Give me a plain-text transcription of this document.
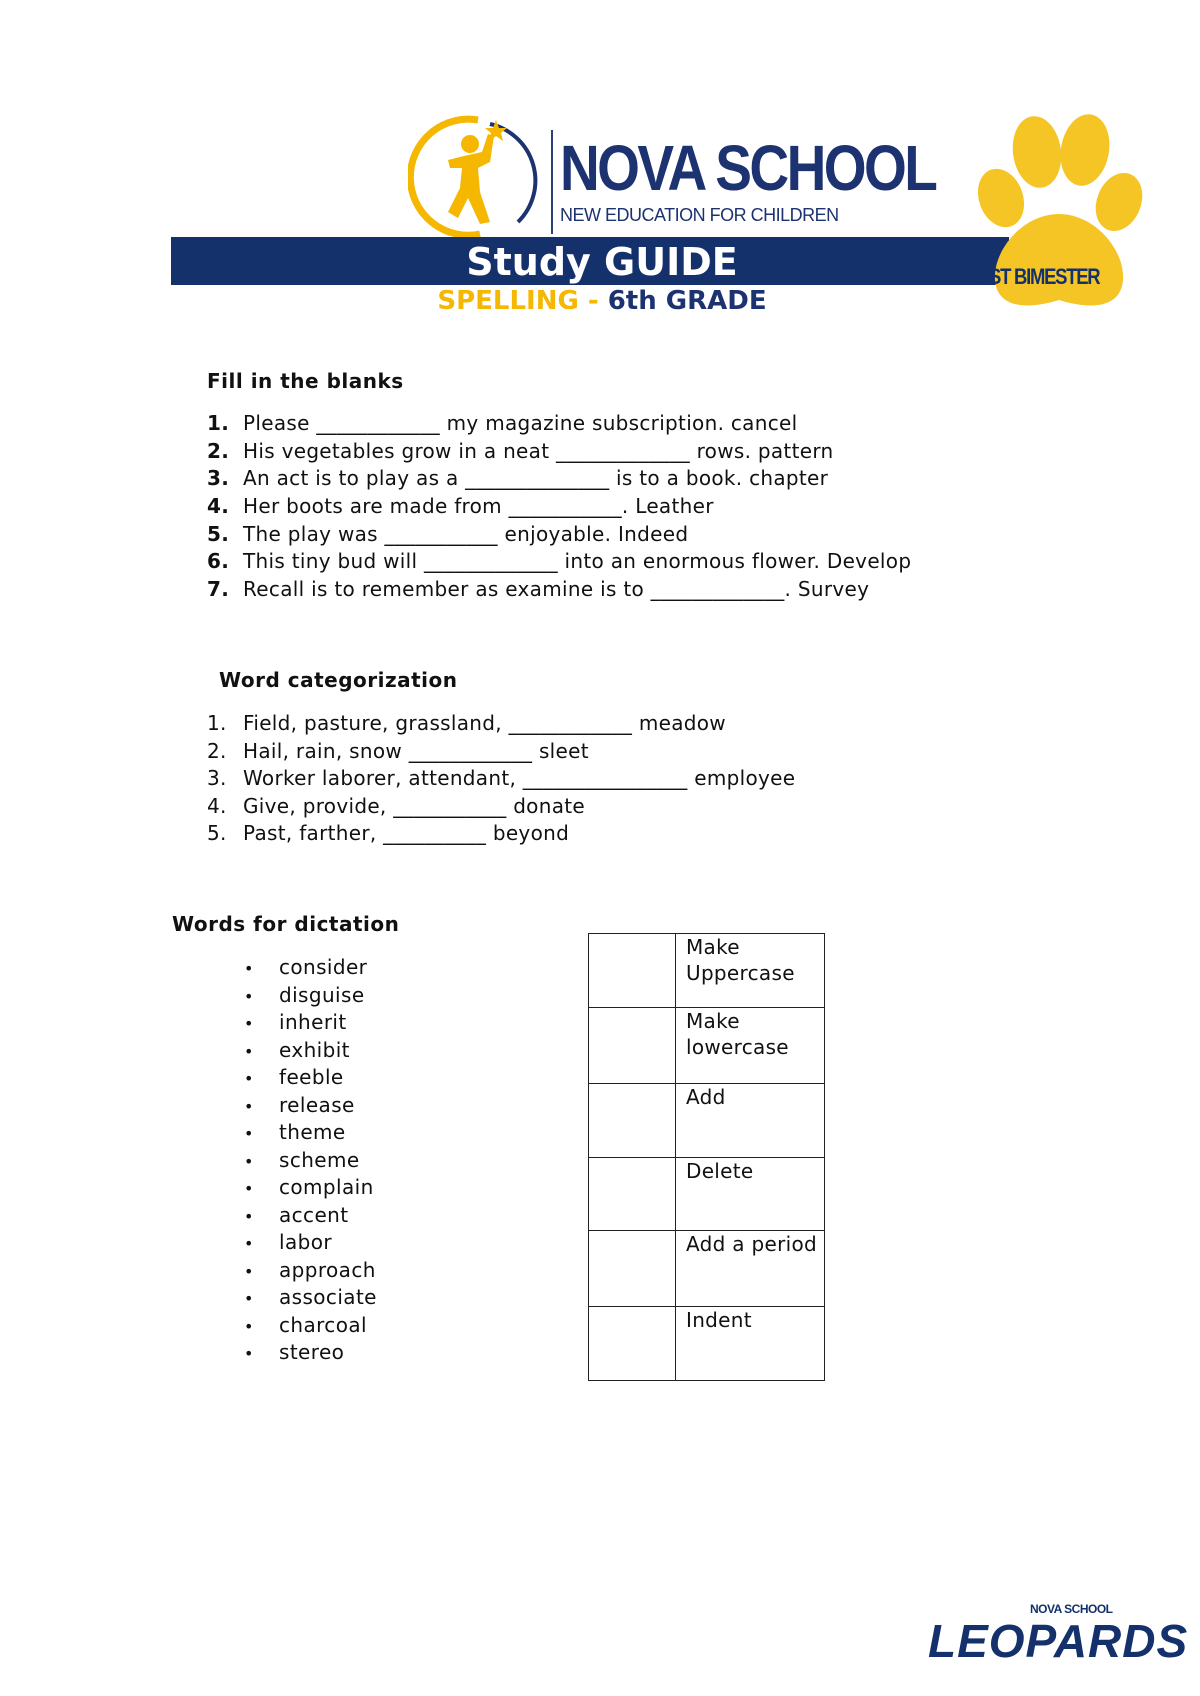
NOVA SCHOOL
NEW EDUCATION FOR CHILDREN
Study GUIDE	1ST BIMESTER
SPELLING - 6th GRADE
Fill in the blanks
1. Please ____________ my magazine subscription. cancel
2. His vegetables grow in a neat _____________ rows. pattern
3. An act is to play as a ______________ is to a book. chapter
4. Her boots are made from ___________. Leather
5. The play was ___________ enjoyable. Indeed
6. This tiny bud will _____________ into an enormous flower. Develop
7. Recall is to remember as examine is to _____________. Survey
Word categorization
1. Field, pasture, grassland, ____________ meadow
2. Hail, rain, snow ____________ sleet
3. Worker laborer, attendant, ________________ employee
4. Give, provide, ___________ donate
5. Past, farther, __________ beyond
Words for dictation
• consider
• disguise
• inherit
• exhibit
• feeble
• release
• theme
• scheme
• complain
• accent
• labor
• approach
• associate
• charcoal
• stereo
	Make Uppercase
	Make lowercase
	Add
	Delete
	Add a period
	Indent
NOVA SCHOOL
LEOPARDS
